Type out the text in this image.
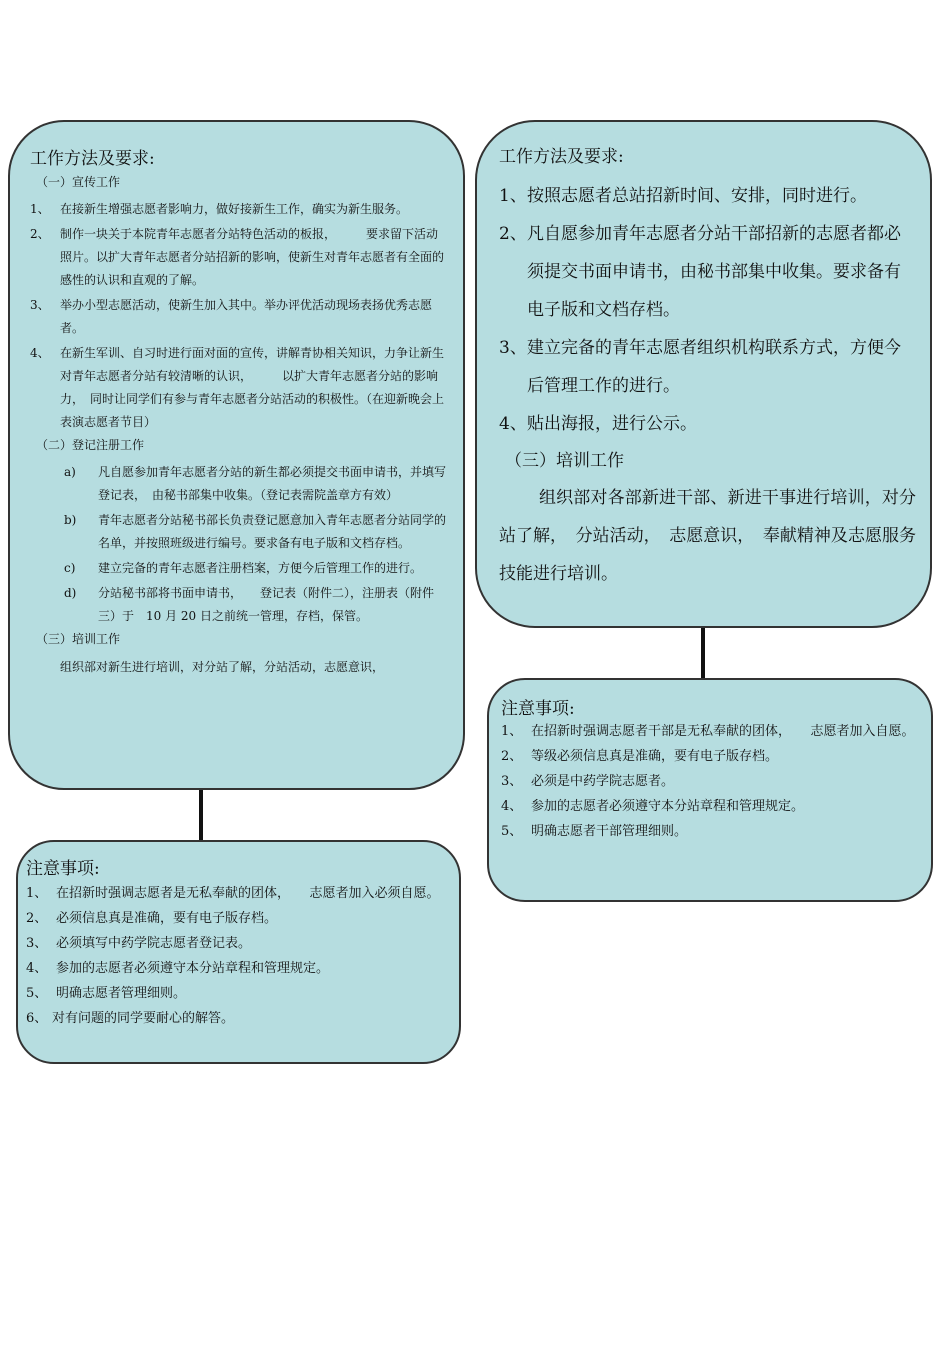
工作方法及要求:
（一）宣传工作
1、 在接新生增强志愿者影响力，做好接新生工作，确实为新生服务。
2、 制作一块关于本院青年志愿者分站特色活动的板报，　　　要求留下活动照片。以扩大青年志愿者分站招新的影响，使新生对青年志愿者有全面的感性的认识和直观的了解。
3、 举办小型志愿活动，使新生加入其中。举办评优活动现场表扬优秀志愿者。
4、 在新生军训、自习时进行面对面的宣传，讲解青协相关知识，力争让新生对青年志愿者分站有较清晰的认识，　　　以扩大青年志愿者分站的影响力，　同时让同学们有参与青年志愿者分站活动的积极性。（在迎新晚会上表演志愿者节目）
（二）登记注册工作
a)	凡自愿参加青年志愿者分站的新生都必须提交书面申请书，并填写登记表，　由秘书部集中收集。（登记表需院盖章方有效）
b)	青年志愿者分站秘书部长负责登记愿意加入青年志愿者分站同学的名单，并按照班级进行编号。要求备有电子版和文档存档。
c)	建立完备的青年志愿者注册档案，方便今后管理工作的进行。
d)	分站秘书部将书面申请书，　　登记表（附件二），注册表（附件三）于　10 月 20 日之前统一管理，存档，保管。
（三）培训工作
组织部对新生进行培训，对分站了解，分站活动，志愿意识，
注意事项:
1、 在招新时强调志愿者是无私奉献的团体，　　志愿者加入必须自愿。
2、 必须信息真是准确，要有电子版存档。
3、 必须填写中药学院志愿者登记表。
4、 参加的志愿者必须遵守本分站章程和管理规定。
5、 明确志愿者管理细则。
6、 对有问题的同学要耐心的解答。
工作方法及要求:
1、 按照志愿者总站招新时间、安排，同时进行。
2、 凡自愿参加青年志愿者分站干部招新的志愿者都必须提交书面申请书，由秘书部集中收集。要求备有电子版和文档存档。
3、 建立完备的青年志愿者组织机构联系方式，方便今后管理工作的进行。
4、 贴出海报，进行公示。
（三）培训工作
组织部对各部新进干部、新进干事进行培训，对分站了解，　分站活动，　志愿意识，　奉献精神及志愿服务技能进行培训。
注意事项:
1、 在招新时强调志愿者干部是无私奉献的团体，　　志愿者加入自愿。
2、 等级必须信息真是准确，要有电子版存档。
3、 必须是中药学院志愿者。
4、 参加的志愿者必须遵守本分站章程和管理规定。
5、 明确志愿者干部管理细则。
